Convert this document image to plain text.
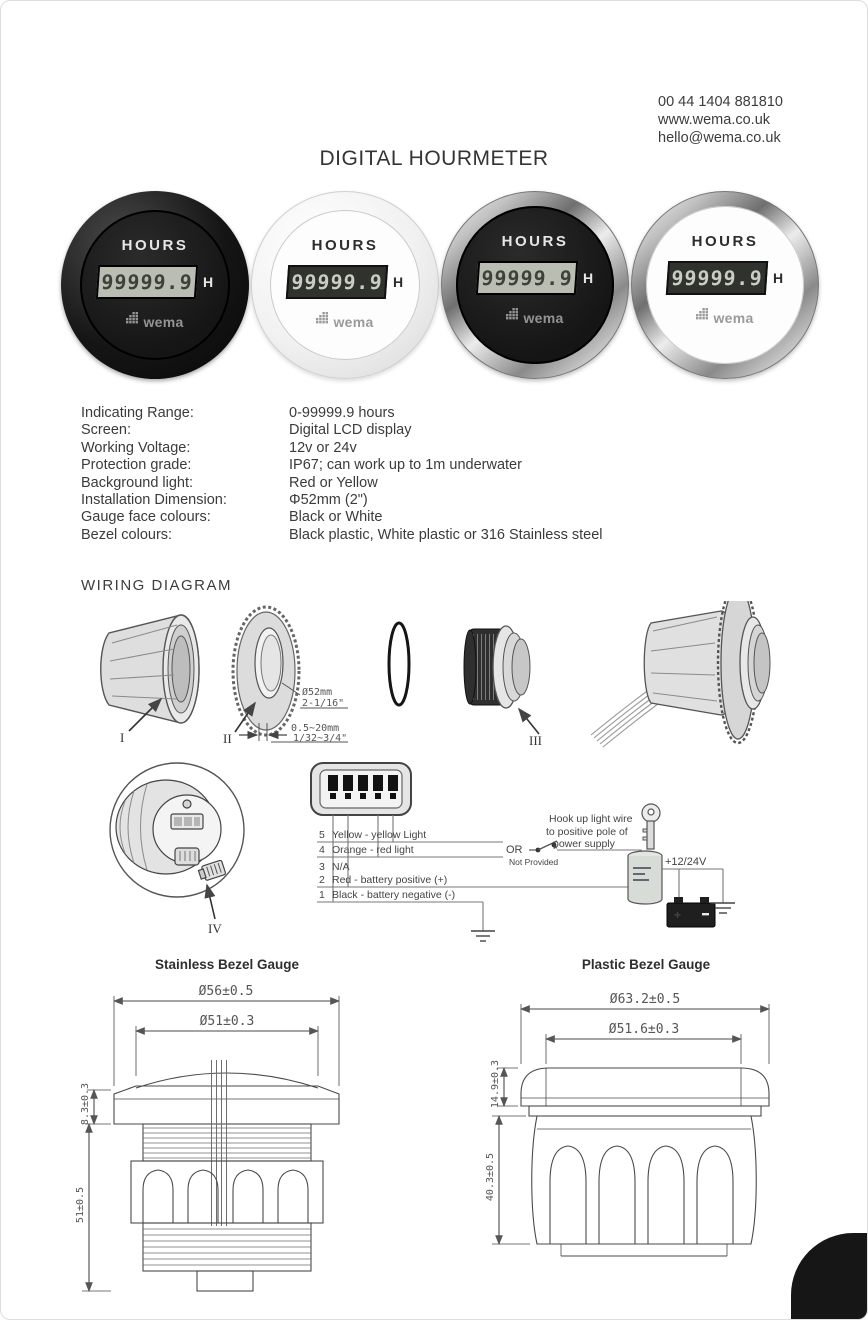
00 44 1404 881810
www.wema.co.uk
hello@wema.co.uk
DIGITAL HOURMETER
HOURS
99999.9 H
wema
HOURS
99999.9 H
wema
HOURS
99999.9 H
wema
HOURS
99999.9 H
wema
Indicating Range:	0-99999.9 hours
Screen:	Digital LCD display
Working Voltage:	12v or 24v
Protection grade:	IP67; can work up to 1m underwater
Background light:	Red or Yellow
Installation Dimension:	Φ52mm (2")
Gauge face colours:	Black or White
Bezel colours:	Black plastic, White plastic or 316 Stainless steel
WIRING DIAGRAM
I
Ø52mm
2-1/16"
0.5~20mm
1/32~3/4"
II	III
IV
5 Yellow - yellow Light
4 Orange - red light
3 N/A
2 Red - battery positive (+)
1 Black - battery negative (-)
OR
Not Provided
Hook up light wire
to positive pole of
power supply
+12/24V
+
Stainless Bezel Gauge	Plastic Bezel Gauge
Ø56±0.5
Ø51±0.3
8.3±0.3
51±0.5
Ø63.2±0.5
Ø51.6±0.3
14.9±0.3
40.3±0.5
